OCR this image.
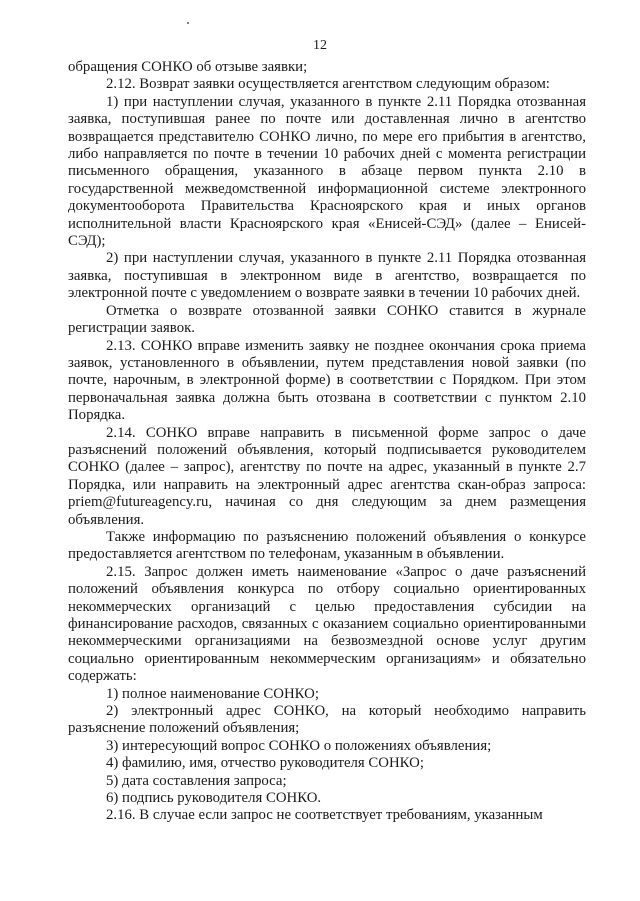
12

обращения СОНКО об отзыве заявки;

2.12. Возврат заявки осуществляется агентством следующим образом:

1) при наступлении случая, указанного в пункте 2.11 Порядка отозванная заявка, поступившая ранее по почте или доставленная лично в агентство возвращается представителю СОНКО лично, по мере его прибытия в агентство, либо направляется по почте в течении 10 рабочих дней с момента регистрации письменного обращения, указанного в абзаце первом пункта 2.10 в государственной межведомственной информационной системе электронного документооборота Правительства Красноярского края и иных органов исполнительной власти Красноярского края «Енисей-СЭД» (далее – Енисей-СЭД);

2) при наступлении случая, указанного в пункте 2.11 Порядка отозванная заявка, поступившая в электронном виде в агентство, возвращается по электронной почте с уведомлением о возврате заявки в течении 10 рабочих дней.

Отметка о возврате отозванной заявки СОНКО ставится в журнале регистрации заявок.

2.13. СОНКО вправе изменить заявку не позднее окончания срока приема заявок, установленного в объявлении, путем представления новой заявки (по почте, нарочным, в электронной форме) в соответствии с Порядком. При этом первоначальная заявка должна быть отозвана в соответствии с пунктом 2.10 Порядка.

2.14. СОНКО вправе направить в письменной форме запрос о даче разъяснений положений объявления, который подписывается руководителем СОНКО (далее – запрос), агентству по почте на адрес, указанный в пункте 2.7 Порядка, или направить на электронный адрес агентства скан-образ запроса: priem@futureagency.ru, начиная со дня следующим за днем размещения объявления.

Также информацию по разъяснению положений объявления о конкурсе предоставляется агентством по телефонам, указанным в объявлении.

2.15. Запрос должен иметь наименование «Запрос о даче разъяснений положений объявления конкурса по отбору социально ориентированных некоммерческих организаций с целью предоставления субсидии на финансирование расходов, связанных с оказанием социально ориентированными некоммерческими организациями на безвозмездной основе услуг другим социально ориентированным некоммерческим организациям» и обязательно содержать:

1) полное наименование СОНКО;

2) электронный адрес СОНКО, на который необходимо направить разъяснение положений объявления;

3) интересующий вопрос СОНКО о положениях объявления;

4) фамилию, имя, отчество руководителя СОНКО;

5) дата составления запроса;

6) подпись руководителя СОНКО.

2.16. В случае если запрос не соответствует требованиям, указанным
